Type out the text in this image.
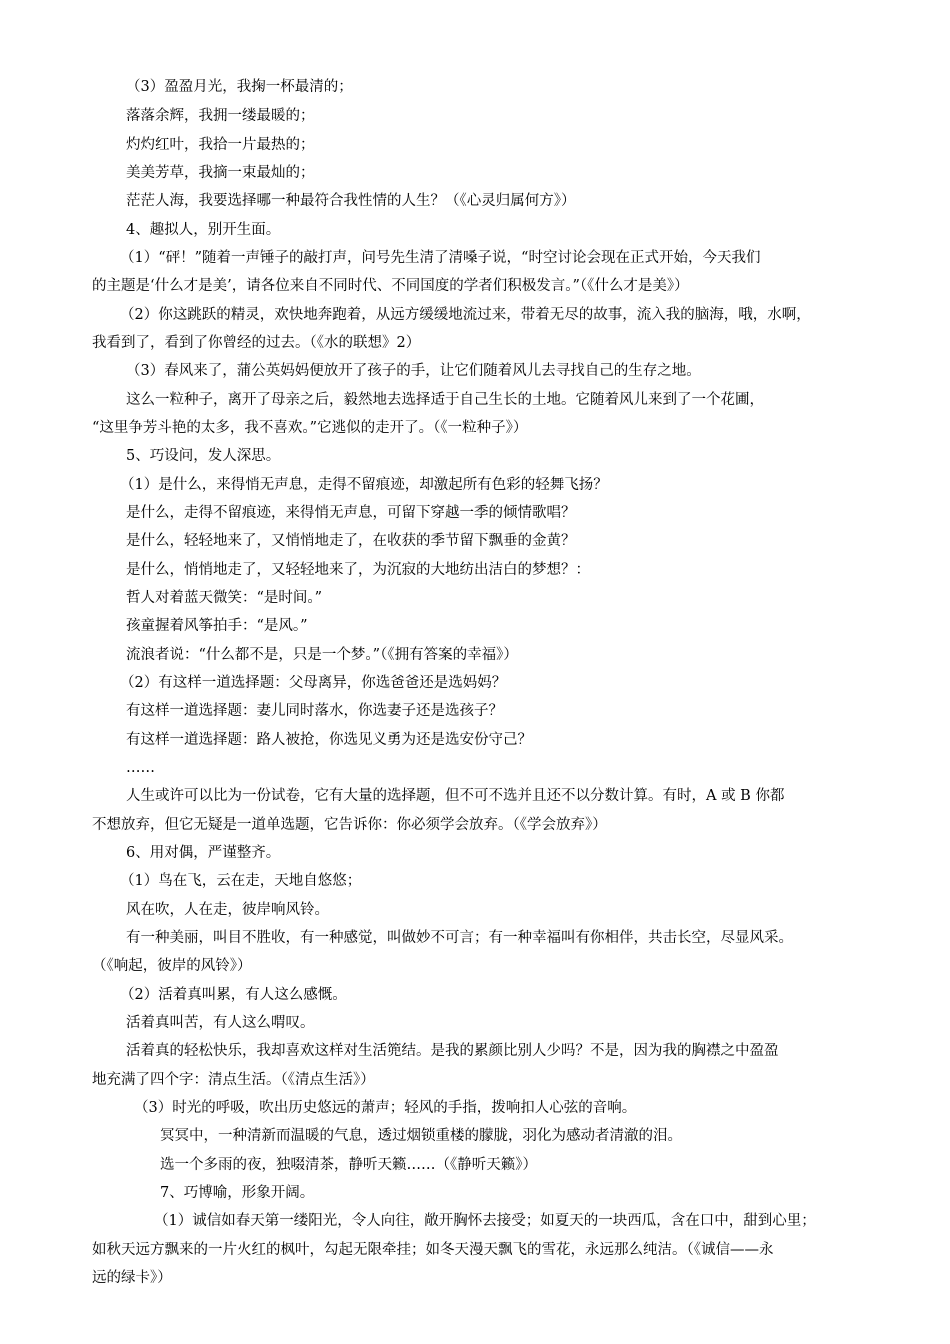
（3）盈盈月光，我掬一杯最清的；
落落余辉，我拥一缕最暖的；
灼灼红叶，我拾一片最热的；
美美芳草，我摘一束最灿的；
茫茫人海，我要选择哪一种最符合我性情的人生？（《心灵归属何方》）
4、趣拟人，别开生面。
（1）“砰！”随着一声锤子的敲打声，问号先生清了清嗓子说，“时空讨论会现在正式开始，今天我们
的主题是‘什么才是美’，请各位来自不同时代、不同国度的学者们积极发言。”（《什么才是美》）
（2）你这跳跃的精灵，欢快地奔跑着，从远方缓缓地流过来，带着无尽的故事，流入我的脑海，哦，水啊，
我看到了，看到了你曾经的过去。（《水的联想》2）
（3）春风来了，蒲公英妈妈便放开了孩子的手，让它们随着风儿去寻找自己的生存之地。
这么一粒种子，离开了母亲之后，毅然地去选择适于自己生长的土地。它随着风儿来到了一个花圃，
“这里争芳斗艳的太多，我不喜欢。”它逃似的走开了。（《一粒种子》）
5、巧设问，发人深思。
（1）是什么，来得悄无声息，走得不留痕迹，却激起所有色彩的轻舞飞扬？
是什么，走得不留痕迹，来得悄无声息，可留下穿越一季的倾情歌唱？
是什么，轻轻地来了，又悄悄地走了，在收获的季节留下飘垂的金黄？
是什么，悄悄地走了，又轻轻地来了，为沉寂的大地纺出洁白的梦想？：
哲人对着蓝天微笑：“是时间。”
孩童握着风筝拍手：“是风。”
流浪者说：“什么都不是，只是一个梦。”（《拥有答案的幸福》）
（2）有这样一道选择题：父母离异，你选爸爸还是选妈妈？
有这样一道选择题：妻儿同时落水，你选妻子还是选孩子？
有这样一道选择题：路人被抢，你选见义勇为还是选安份守己？
……
人生或许可以比为一份试卷，它有大量的选择题，但不可不选并且还不以分数计算。有时，A 或 B 你都
不想放弃，但它无疑是一道单选题，它告诉你：你必须学会放弃。（《学会放弃》）
6、用对偶，严谨整齐。
（1）鸟在飞，云在走，天地自悠悠；
风在吹，人在走，彼岸响风铃。
有一种美丽，叫目不胜收，有一种感觉，叫做妙不可言；有一种幸福叫有你相伴，共击长空，尽显风采。
（《响起，彼岸的风铃》）
（2）活着真叫累，有人这么感慨。
活着真叫苦，有人这么喟叹。
活着真的轻松快乐，我却喜欢这样对生活篼结。是我的累颜比别人少吗？不是，因为我的胸襟之中盈盈
地充满了四个字：清点生活。（《清点生活》）
（3）时光的呼吸，吹出历史悠远的萧声；轻风的手指，拨响扣人心弦的音响。
冥冥中，一种清新而温暖的气息，透过烟锁重楼的朦胧，羽化为感动者清澈的泪。
选一个多雨的夜，独啜清茶，静听天籁……（《静听天籁》）
7、巧博喻，形象开阔。
（1）诚信如春天第一缕阳光，令人向往，敞开胸怀去接受；如夏天的一块西瓜，含在口中，甜到心里；
如秋天远方飘来的一片火红的枫叶，勾起无限牵挂；如冬天漫天飘飞的雪花，永远那么纯洁。（《诚信——永
远的绿卡》）
